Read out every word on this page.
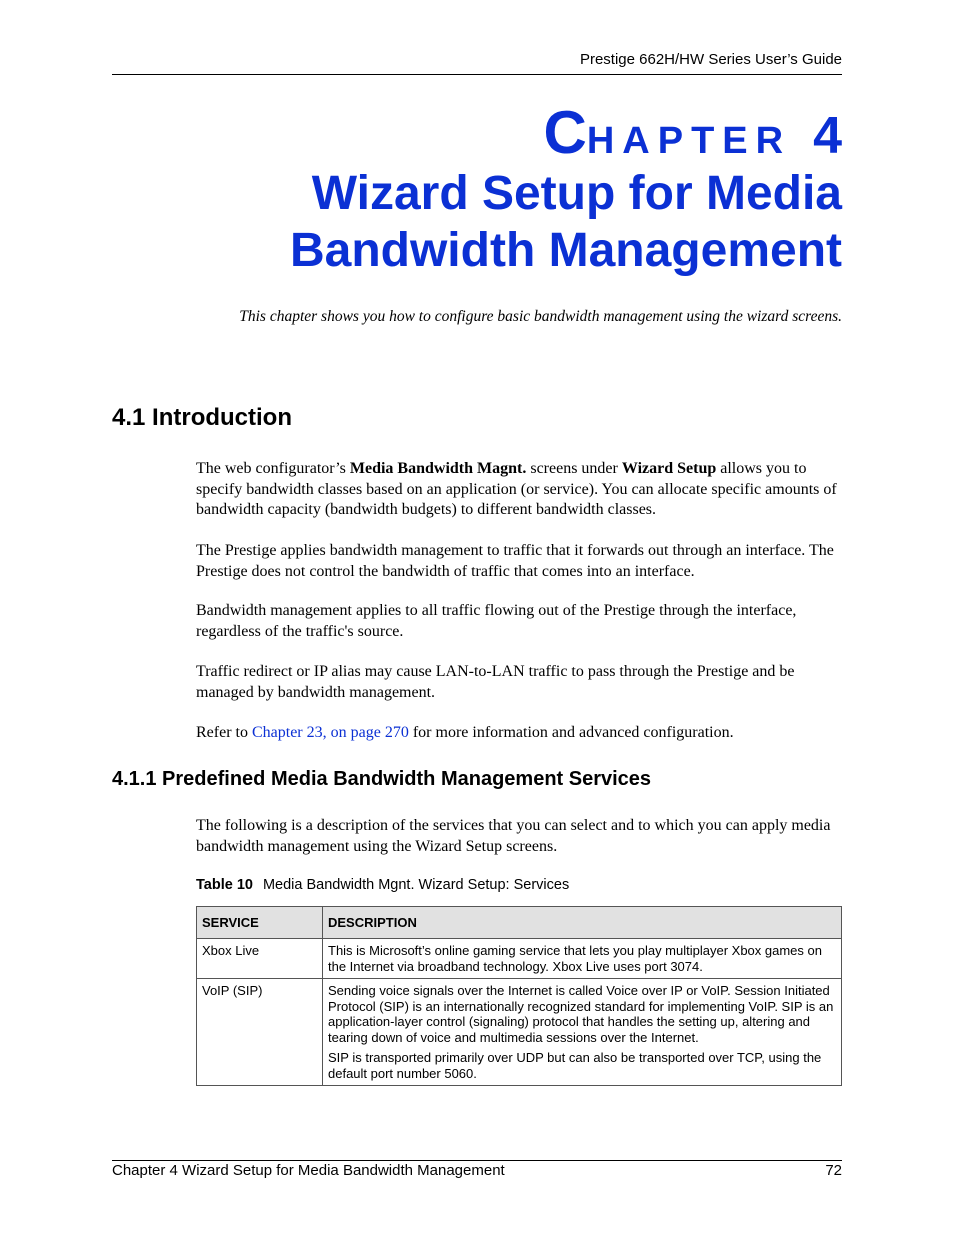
Prestige 662H/HW Series User’s Guide
CHAPTER 4
Wizard Setup for Media
Bandwidth Management
This chapter shows you how to configure basic bandwidth management using the wizard screens.
4.1 Introduction

The web configurator’s Media Bandwidth Magnt. screens under Wizard Setup allows you to specify bandwidth classes based on an application (or service). You can allocate specific amounts of bandwidth capacity (bandwidth budgets) to different bandwidth classes.

The Prestige applies bandwidth management to traffic that it forwards out through an interface. The Prestige does not control the bandwidth of traffic that comes into an interface.

Bandwidth management applies to all traffic flowing out of the Prestige through the interface, regardless of the traffic's source.

Traffic redirect or IP alias may cause LAN-to-LAN traffic to pass through the Prestige and be managed by bandwidth management.

Refer to Chapter 23, on page 270 for more information and advanced configuration.

4.1.1 Predefined Media Bandwidth Management Services

The following is a description of the services that you can select and to which you can apply media bandwidth management using the Wizard Setup screens.

Table 10 Media Bandwidth Mgnt. Wizard Setup: Services
SERVICE	DESCRIPTION
Xbox Live	This is Microsoft’s online gaming service that lets you play multiplayer Xbox games on the Internet via broadband technology. Xbox Live uses port 3074.

VoIP (SIP)	Sending voice signals over the Internet is called Voice over IP or VoIP. Session Initiated Protocol (SIP) is an internationally recognized standard for implementing VoIP. SIP is an application-layer control (signaling) protocol that handles the setting up, altering and tearing down of voice and multimedia sessions over the Internet.

SIP is transported primarily over UDP but can also be transported over TCP, using the default port number 5060.

Chapter 4 Wizard Setup for Media Bandwidth Management	72
